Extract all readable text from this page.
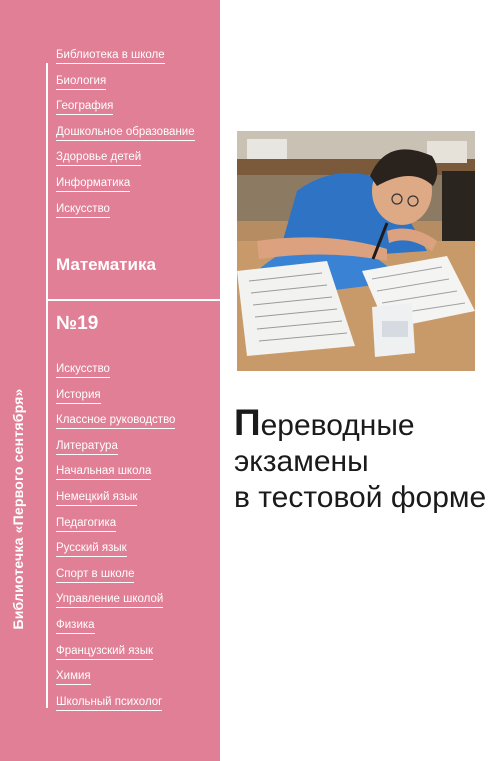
Библиотечка «Первого сентября»
Библиотека в школе
Биология
География
Дошкольное образование
Здоровье детей
Информатика
Искусство
Математика
№19
Искусство
История
Классное руководство
Литература
Начальная школа
Немецкий язык
Педагогика
Русский язык
Спорт в школе
Управление школой
Физика
Французский язык
Химия
Школьный психолог
Переводные
экзамены
в тестовой форме
